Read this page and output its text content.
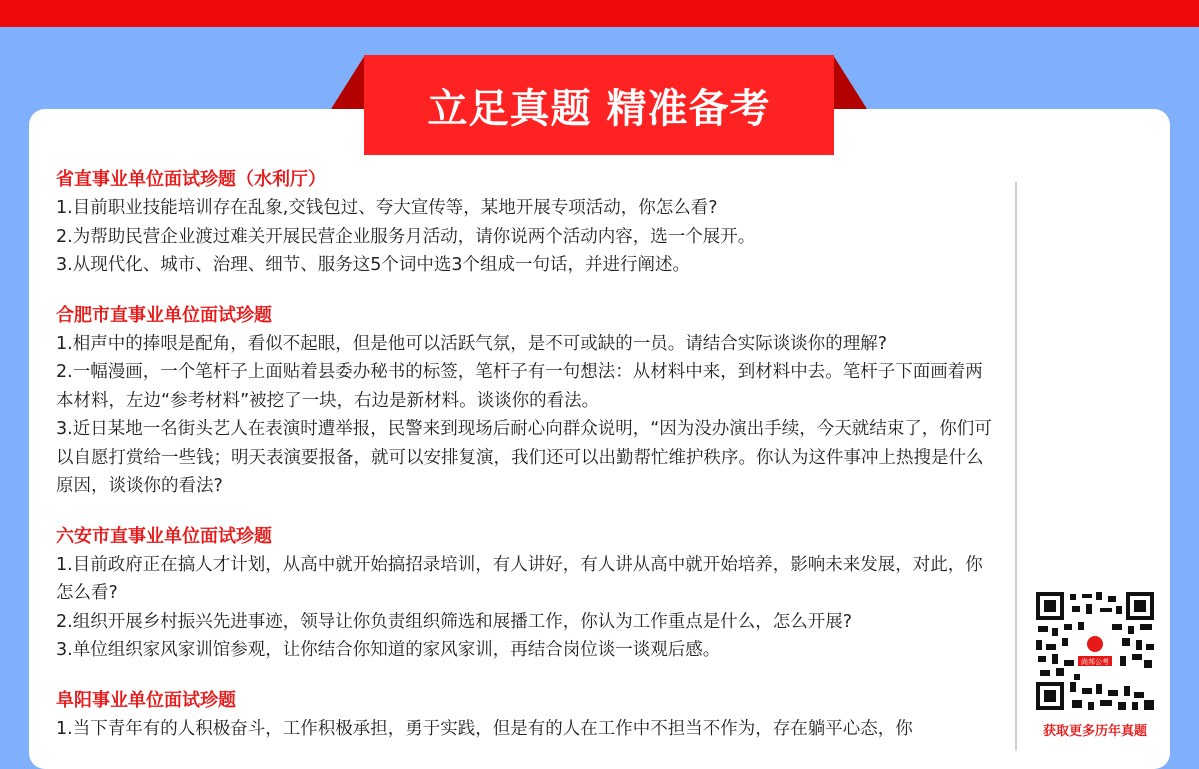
立足真题 精准备考
省直事业单位面试珍题（水利厅）
1.目前职业技能培训存在乱象,交钱包过、夸大宣传等，某地开展专项活动，你怎么看?
2.为帮助民营企业渡过难关开展民营企业服务月活动，请你说两个活动内容，选一个展开。
3.从现代化、城市、治理、细节、服务这5个词中选3个组成一句话，并进行阐述。
合肥市直事业单位面试珍题
1.相声中的捧哏是配角，看似不起眼，但是他可以活跃气氛，是不可或缺的一员。请结合实际谈谈你的理解?
2.一幅漫画，一个笔杆子上面贴着县委办秘书的标签，笔杆子有一句想法：从材料中来，到材料中去。笔杆子下面画着两本材料，左边“参考材料”被挖了一块，右边是新材料。谈谈你的看法。
3.近日某地一名街头艺人在表演时遭举报，民警来到现场后耐心向群众说明，“因为没办演出手续，今天就结束了，你们可以自愿打赏给一些钱；明天表演要报备，就可以安排复演，我们还可以出勤帮忙维护秩序。你认为这件事冲上热搜是什么原因，谈谈你的看法?
六安市直事业单位面试珍题
1.目前政府正在搞人才计划，从高中就开始搞招录培训，有人讲好，有人讲从高中就开始培养，影响未来发展，对此，你怎么看?
2.组织开展乡村振兴先进事迹，领导让你负责组织筛选和展播工作，你认为工作重点是什么，怎么开展?
3.单位组织家风家训馆参观，让你结合你知道的家风家训，再结合岗位谈一谈观后感。
阜阳事业单位面试珍题
1.当下青年有的人积极奋斗，工作积极承担，勇于实践，但是有的人在工作中不担当不作为，存在躺平心态，你
尚邦公考
获取更多历年真题
